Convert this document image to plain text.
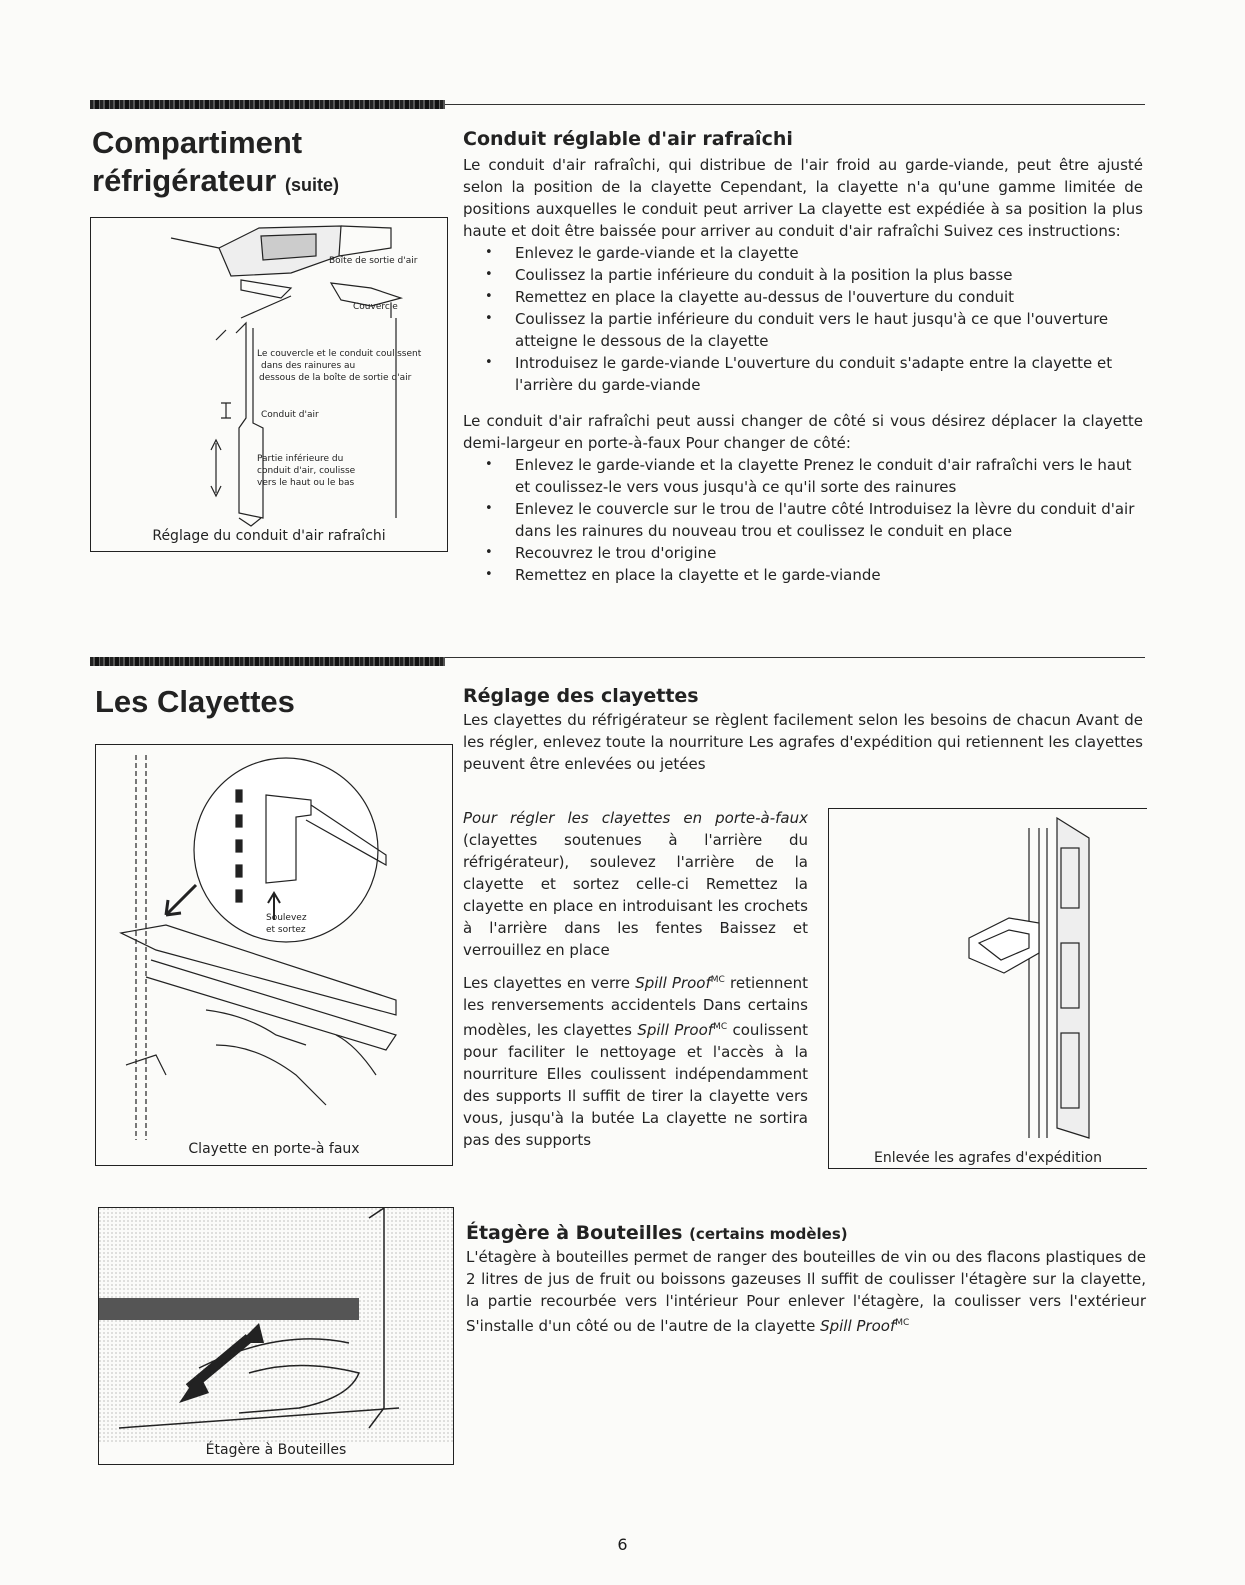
Compartiment
réfrigérateur (suite)
Boîte de sortie d'air
Couvercle
Le couvercle et le conduit coulissent
dans des rainures au
dessous de la boîte de sortie d'air
Conduit d'air
Partie inférieure du
conduit d'air, coulisse
vers le haut ou le bas
Réglage du conduit d'air rafraîchi
Conduit réglable d'air rafraîchi

Le conduit d'air rafraîchi, qui distribue de l'air froid au garde-viande, peut être ajusté selon la position de la clayette Cependant, la clayette n'a qu'une gamme limitée de positions auxquelles le conduit peut arriver La clayette est expédiée à sa position la plus haute et doit être baissée pour arriver au conduit d'air rafraîchi Suivez ces instructions:

• Enlevez le garde-viande et la clayette
• Coulissez la partie inférieure du conduit à la position la plus basse
• Remettez en place la clayette au-dessus de l'ouverture du conduit
• Coulissez la partie inférieure du conduit vers le haut jusqu'à ce que l'ouverture atteigne le dessous de la clayette
• Introduisez le garde-viande L'ouverture du conduit s'adapte entre la clayette et l'arrière du garde-viande

Le conduit d'air rafraîchi peut aussi changer de côté si vous désirez déplacer la clayette demi-largeur en porte-à-faux Pour changer de côté:

• Enlevez le garde-viande et la clayette Prenez le conduit d'air rafraîchi vers le haut et coulissez-le vers vous jusqu'à ce qu'il sorte des rainures
• Enlevez le couvercle sur le trou de l'autre côté Introduisez la lèvre du conduit d'air dans les rainures du nouveau trou et coulissez le conduit en place
• Recouvrez le trou d'origine
• Remettez en place la clayette et le garde-viande
Les Clayettes
Soulevez
et sortez
Clayette en porte-à faux
Réglage des clayettes

Les clayettes du réfrigérateur se règlent facilement selon les besoins de chacun Avant de les régler, enlevez toute la nourriture Les agrafes d'expédition qui retiennent les clayettes peuvent être enlevées ou jetées

Pour régler les clayettes en porte-à-faux (clayettes soutenues à l'arrière du réfrigérateur), soulevez l'arrière de la clayette et sortez celle-ci Remettez la clayette en place en introduisant les crochets à l'arrière dans les fentes Baissez et verrouillez en place

Les clayettes en verre Spill Proof$^{MC}$ retiennent les renversements accidentels Dans certains modèles, les clayettes Spill Proof$^{MC}$ coulissent pour faciliter le nettoyage et l'accès à la nourriture Elles coulissent indépendamment des supports Il suffit de tirer la clayette vers vous, jusqu'à la butée La clayette ne sortira pas des supports

Enlevée les agrafes d'expédition
Étagère à Bouteilles
Étagère à Bouteilles (certains modèles)

L'étagère à bouteilles permet de ranger des bouteilles de vin ou des flacons plastiques de 2 litres de jus de fruit ou boissons gazeuses Il suffit de coulisser l'étagère sur la clayette, la partie recourbée vers l'intérieur Pour enlever l'étagère, la coulisser vers l'extérieur S'installe d'un côté ou de l'autre de la clayette Spill Proof$^{MC}$

6
